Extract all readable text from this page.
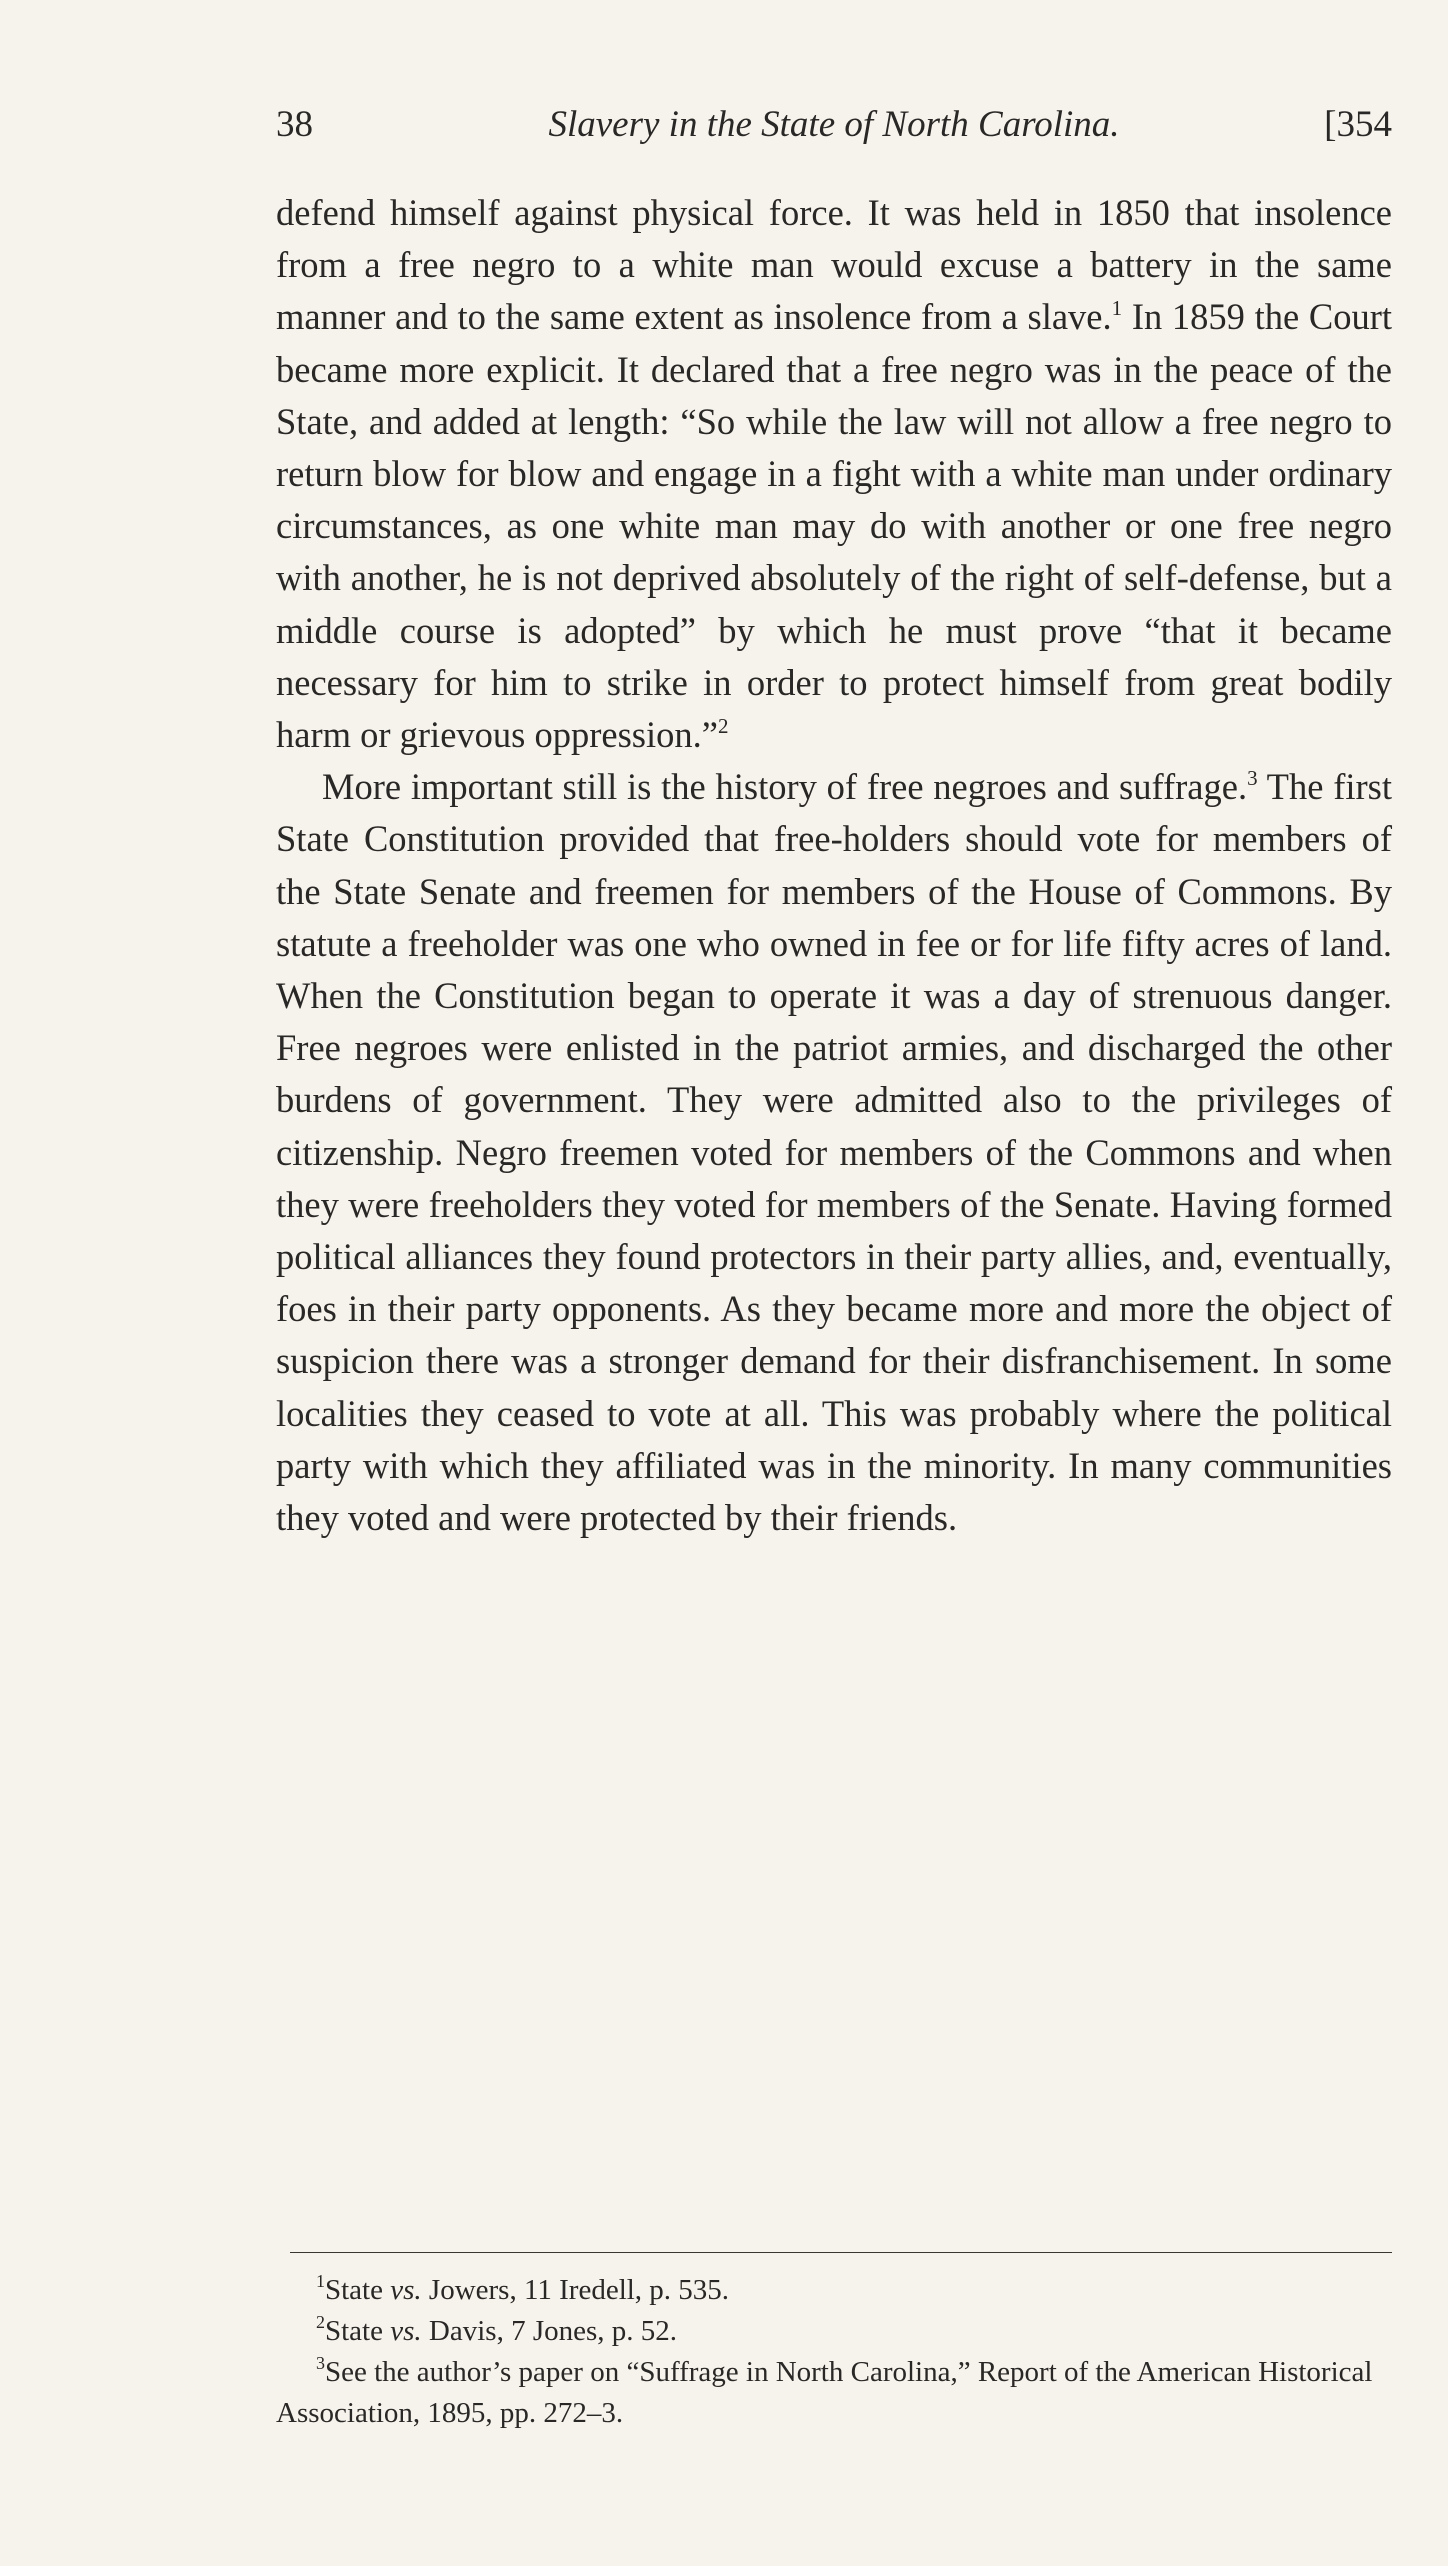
38	Slavery in the State of North Carolina.	[354

defend himself against physical force. It was held in 1850 that insolence from a free negro to a white man would excuse a battery in the same manner and to the same extent as insolence from a slave.$^1$ In 1859 the Court became more explicit. It declared that a free negro was in the peace of the State, and added at length: “So while the law will not allow a free negro to return blow for blow and engage in a fight with a white man under ordinary circumstances, as one white man may do with another or one free negro with another, he is not deprived absolutely of the right of self-defense, but a middle course is adopted” by which he must prove “that it became necessary for him to strike in order to protect himself from great bodily harm or grievous oppression.”$^2$

More important still is the history of free negroes and suffrage.$^3$ The first State Constitution provided that free-holders should vote for members of the State Senate and freemen for members of the House of Commons. By statute a freeholder was one who owned in fee or for life fifty acres of land. When the Constitution began to operate it was a day of strenuous danger. Free negroes were enlisted in the patriot armies, and discharged the other burdens of government. They were admitted also to the privileges of citizenship. Negro freemen voted for members of the Commons and when they were freeholders they voted for members of the Senate. Having formed political alliances they found protectors in their party allies, and, eventually, foes in their party opponents. As they became more and more the object of suspicion there was a stronger demand for their disfranchisement. In some localities they ceased to vote at all. This was probably where the political party with which they affiliated was in the minority. In many communities they voted and were protected by their friends.

$^1$State vs. Jowers, 11 Iredell, p. 535.

$^2$State vs. Davis, 7 Jones, p. 52.

$^3$See the author’s paper on “Suffrage in North Carolina,” Report of the American Historical Association, 1895, pp. 272–3.
